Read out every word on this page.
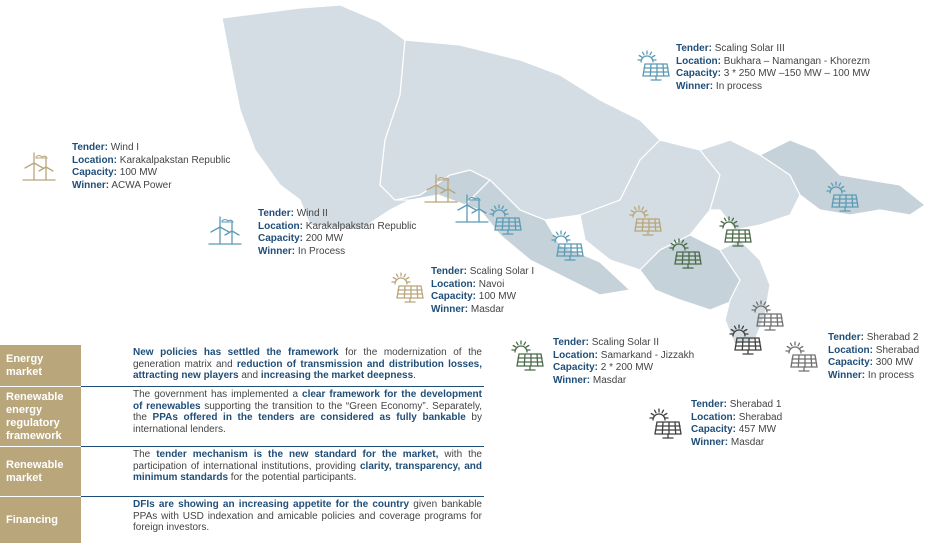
Tender: Wind I
Location: Karakalpakstan Republic
Capacity: 100 MW
Winner: ACWA Power
Tender: Wind II
Location: Karakalpakstan Republic
Capacity: 200 MW
Winner: In Process
Tender: Scaling Solar I
Location: Navoi
Capacity: 100 MW
Winner: Masdar
Tender: Scaling Solar II
Location: Samarkand - Jizzakh
Capacity: 2 * 200 MW
Winner: Masdar
Tender: Scaling Solar III
Location: Bukhara – Namangan - Khorezm
Capacity: 3 * 250 MW –150 MW – 100 MW
Winner: In process
Tender: Sherabad 1
Location: Sherabad
Capacity: 457 MW
Winner: Masdar
Tender: Sherabad 2
Location: Sherabad
Capacity: 300 MW
Winner: In process
Energy market
New policies has settled the framework for the modernization of the generation matrix and reduction of transmission and distribution losses, attracting new players and increasing the market deepness.
Renewable energy regulatory framework
The government has implemented a clear framework for the development of renewables supporting the transition to the “Green Economy”. Separately, the PPAs offered in the tenders are considered as fully bankable by international lenders.
Renewable market
The tender mechanism is the new standard for the market, with the participation of international institutions, providing clarity, transparency, and minimum standards for the potential participants.
Financing
DFIs are showing an increasing appetite for the country given bankable PPAs with USD indexation and amicable policies and coverage programs for foreign investors.
